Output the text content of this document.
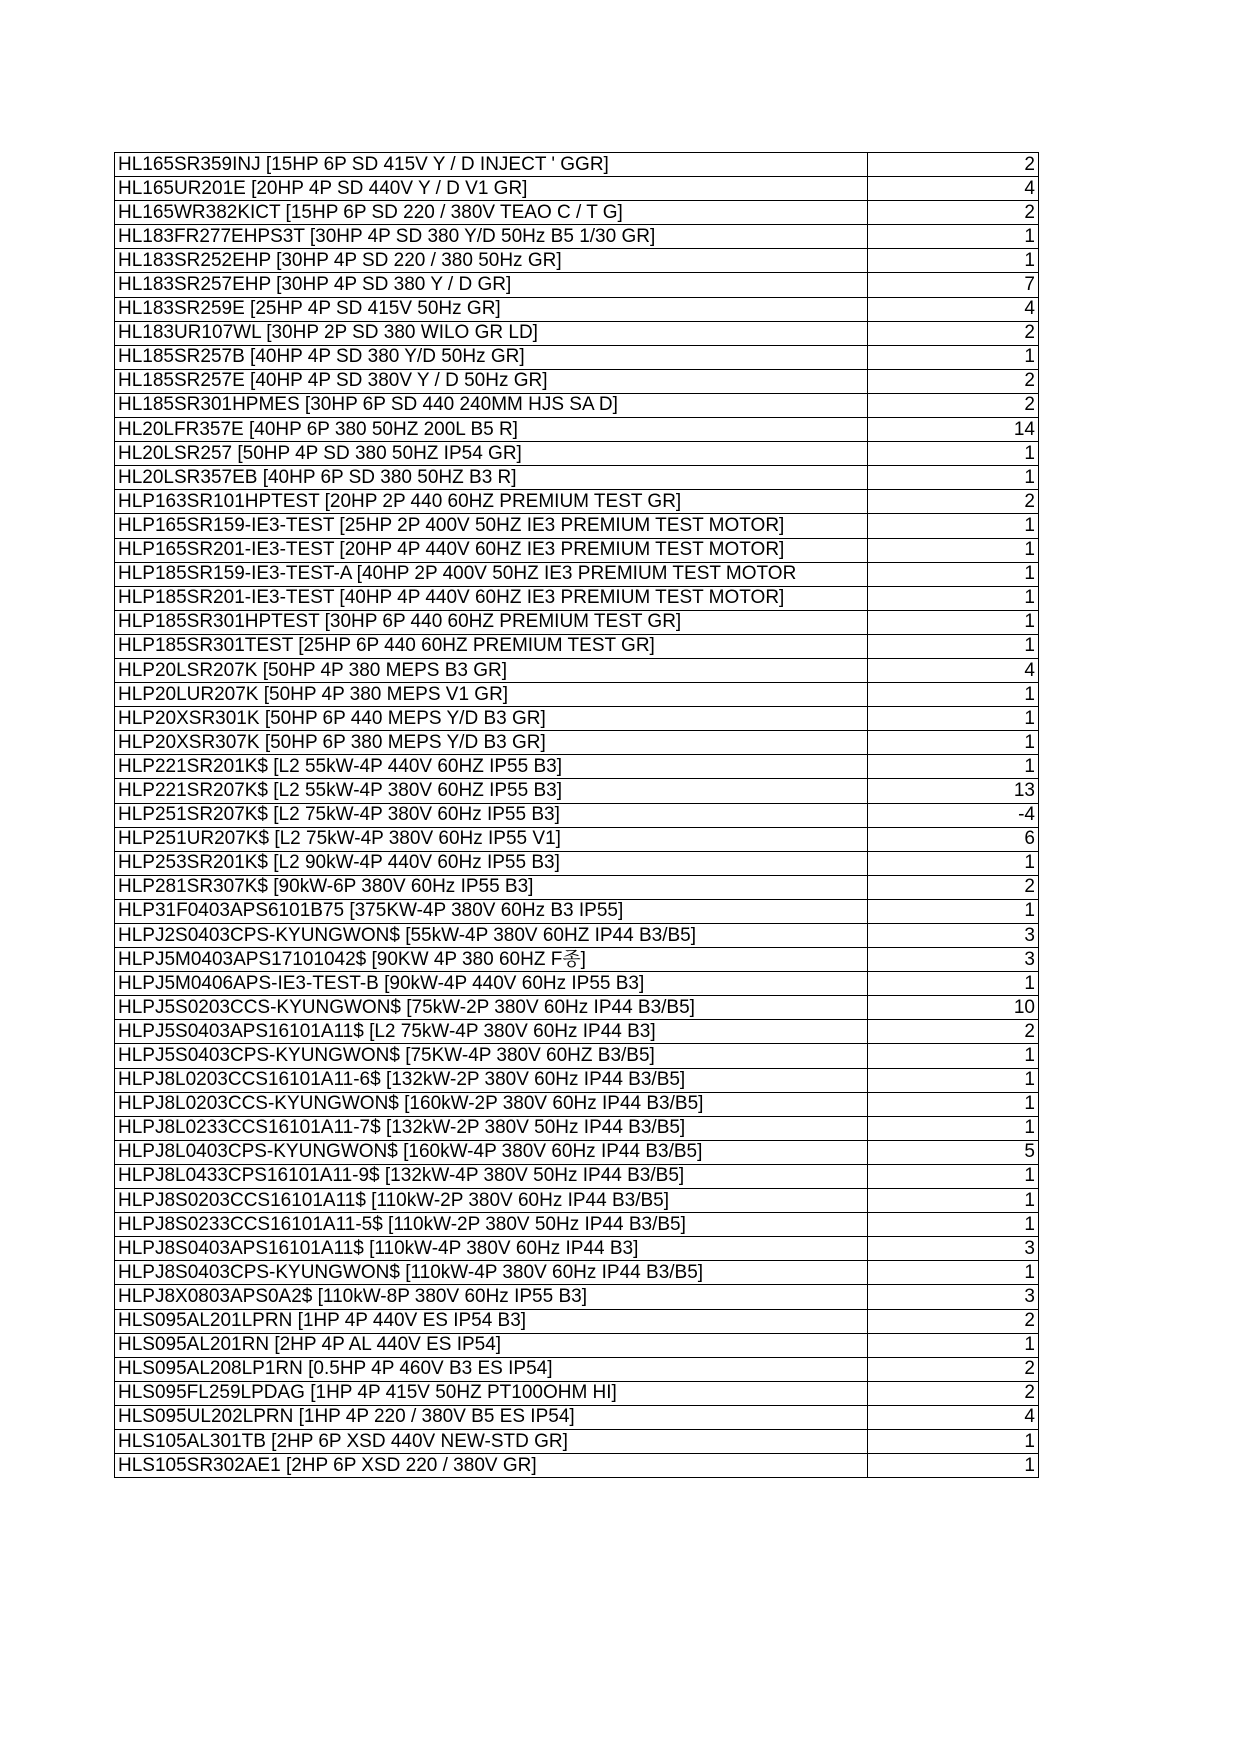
HL165SR359INJ [15HP 6P SD 415V Y / D INJECT ' GGR]	2
HL165UR201E [20HP 4P SD 440V Y / D V1 GR]	4
HL165WR382KICT [15HP 6P SD 220 / 380V TEAO C / T G]	2
HL183FR277EHPS3T [30HP 4P SD 380 Y/D 50Hz B5 1/30 GR]	1
HL183SR252EHP [30HP 4P SD 220 / 380 50Hz GR]	1
HL183SR257EHP [30HP 4P SD 380 Y / D GR]	7
HL183SR259E [25HP 4P SD 415V 50Hz GR]	4
HL183UR107WL [30HP 2P SD 380 WILO GR LD]	2
HL185SR257B [40HP 4P SD 380 Y/D 50Hz GR]	1
HL185SR257E [40HP 4P SD 380V Y / D 50Hz GR]	2
HL185SR301HPMES [30HP 6P SD 440 240MM HJS SA D]	2
HL20LFR357E [40HP 6P 380 50HZ 200L B5 R]	14
HL20LSR257 [50HP 4P SD 380 50HZ IP54 GR]	1
HL20LSR357EB [40HP 6P SD 380 50HZ B3 R]	1
HLP163SR101HPTEST [20HP 2P 440 60HZ PREMIUM TEST GR]	2
HLP165SR159-IE3-TEST [25HP 2P 400V 50HZ IE3 PREMIUM TEST MOTOR]	1
HLP165SR201-IE3-TEST [20HP 4P 440V 60HZ IE3 PREMIUM TEST MOTOR]	1
HLP185SR159-IE3-TEST-A [40HP 2P 400V 50HZ IE3 PREMIUM TEST MOTOR	1
HLP185SR201-IE3-TEST [40HP 4P 440V 60HZ IE3 PREMIUM TEST MOTOR]	1
HLP185SR301HPTEST [30HP 6P 440 60HZ PREMIUM TEST GR]	1
HLP185SR301TEST [25HP 6P 440 60HZ PREMIUM TEST GR]	1
HLP20LSR207K [50HP 4P 380 MEPS B3 GR]	4
HLP20LUR207K [50HP 4P 380 MEPS V1 GR]	1
HLP20XSR301K [50HP 6P 440 MEPS Y/D B3 GR]	1
HLP20XSR307K [50HP 6P 380 MEPS Y/D B3 GR]	1
HLP221SR201K$ [L2 55kW-4P 440V 60HZ IP55 B3]	1
HLP221SR207K$ [L2 55kW-4P 380V 60HZ IP55 B3]	13
HLP251SR207K$ [L2 75kW-4P 380V 60Hz IP55 B3]	-4
HLP251UR207K$ [L2 75kW-4P 380V 60Hz IP55 V1]	6
HLP253SR201K$ [L2 90kW-4P 440V 60Hz IP55 B3]	1
HLP281SR307K$ [90kW-6P 380V 60Hz IP55 B3]	2
HLP31F0403APS6101B75 [375KW-4P 380V 60Hz B3 IP55]	1
HLPJ2S0403CPS-KYUNGWON$ [55kW-4P 380V 60HZ IP44 B3/B5]	3
HLPJ5M0403APS17101042$ [90KW 4P 380 60HZ F종]	3
HLPJ5M0406APS-IE3-TEST-B [90kW-4P 440V 60Hz IP55 B3]	1
HLPJ5S0203CCS-KYUNGWON$ [75kW-2P 380V 60Hz IP44 B3/B5]	10
HLPJ5S0403APS16101A11$ [L2 75kW-4P 380V 60Hz IP44 B3]	2
HLPJ5S0403CPS-KYUNGWON$ [75KW-4P 380V 60HZ B3/B5]	1
HLPJ8L0203CCS16101A11-6$ [132kW-2P 380V 60Hz IP44 B3/B5]	1
HLPJ8L0203CCS-KYUNGWON$ [160kW-2P 380V 60Hz IP44 B3/B5]	1
HLPJ8L0233CCS16101A11-7$ [132kW-2P 380V 50Hz IP44 B3/B5]	1
HLPJ8L0403CPS-KYUNGWON$ [160kW-4P 380V 60Hz IP44 B3/B5]	5
HLPJ8L0433CPS16101A11-9$ [132kW-4P 380V 50Hz IP44 B3/B5]	1
HLPJ8S0203CCS16101A11$ [110kW-2P 380V 60Hz IP44 B3/B5]	1
HLPJ8S0233CCS16101A11-5$ [110kW-2P 380V 50Hz IP44 B3/B5]	1
HLPJ8S0403APS16101A11$ [110kW-4P 380V 60Hz IP44 B3]	3
HLPJ8S0403CPS-KYUNGWON$ [110kW-4P 380V 60Hz IP44 B3/B5]	1
HLPJ8X0803APS0A2$ [110kW-8P 380V 60Hz IP55 B3]	3
HLS095AL201LPRN [1HP 4P 440V ES IP54 B3]	2
HLS095AL201RN [2HP 4P AL 440V ES IP54]	1
HLS095AL208LP1RN [0.5HP 4P 460V B3 ES IP54]	2
HLS095FL259LPDAG [1HP 4P 415V 50HZ PT100OHM HI]	2
HLS095UL202LPRN [1HP 4P 220 / 380V B5 ES IP54]	4
HLS105AL301TB [2HP 6P XSD 440V NEW-STD GR]	1
HLS105SR302AE1 [2HP 6P XSD 220 / 380V GR]	1
